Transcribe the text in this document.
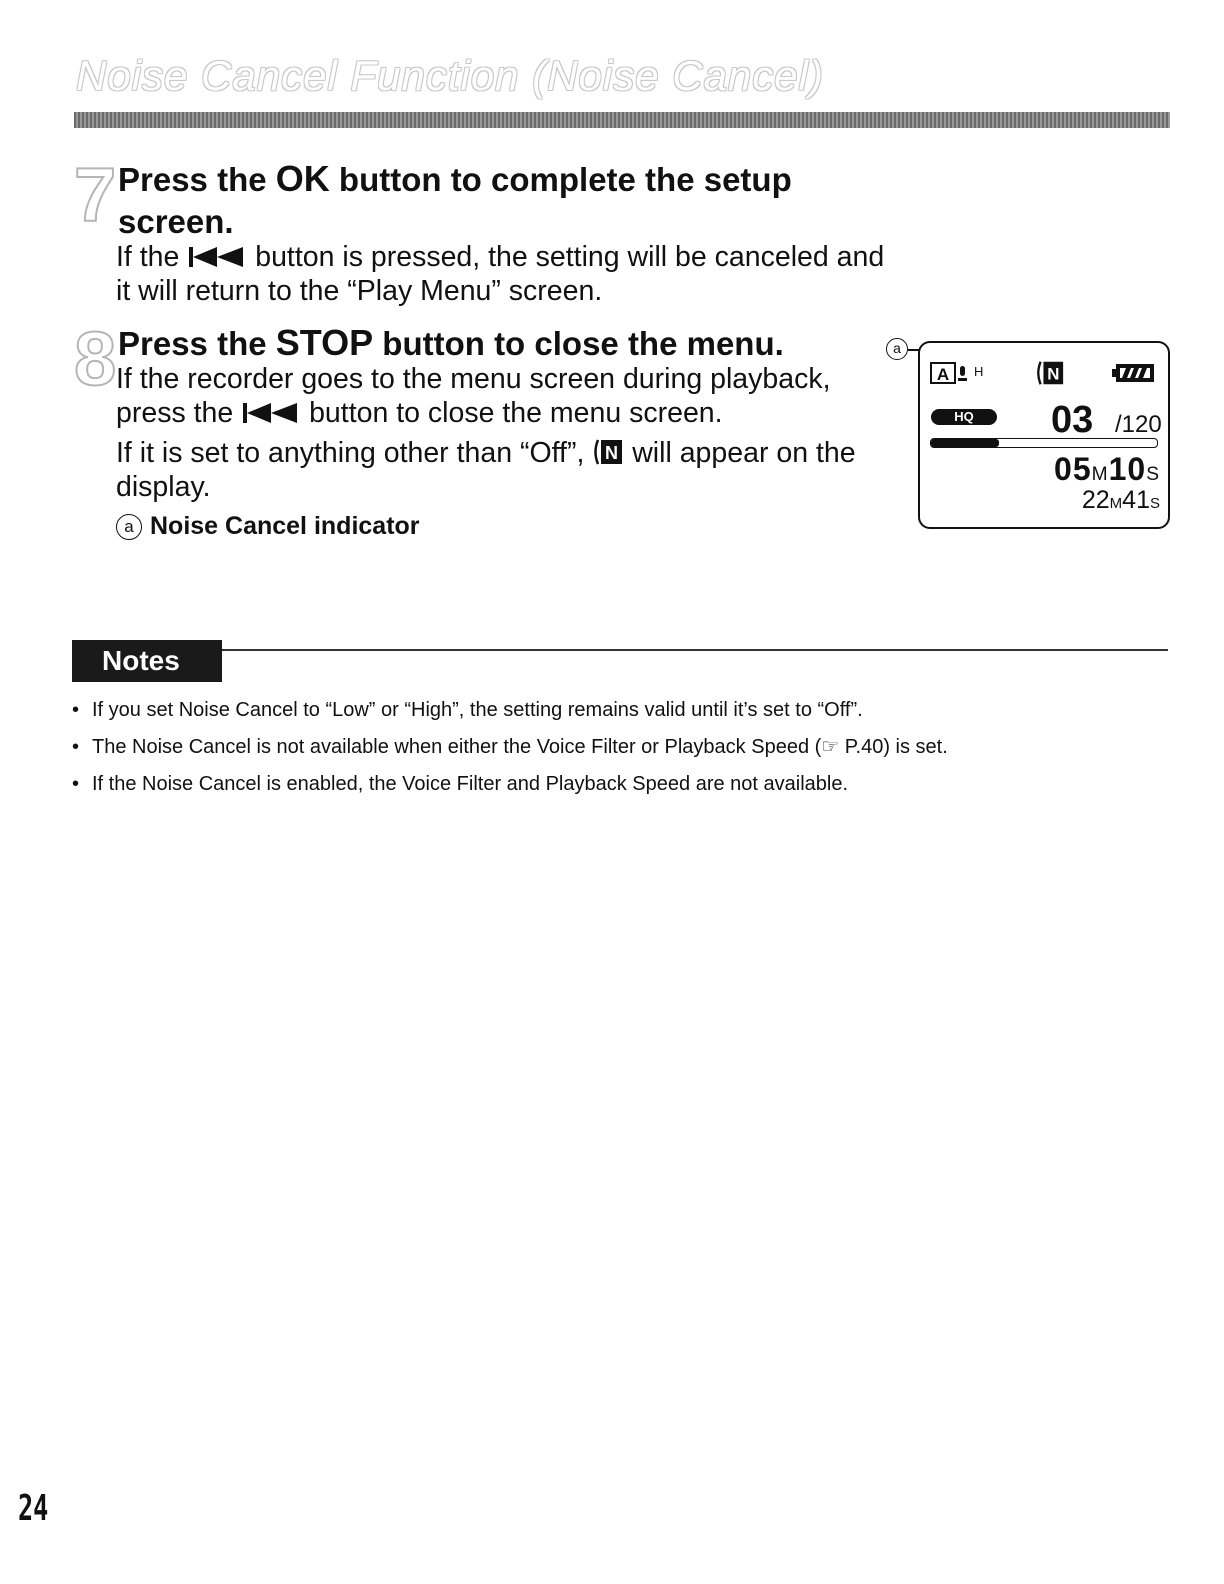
Noise Cancel Function (Noise Cancel)
7 Press the OK button to complete the setup screen.

If the  button is pressed, the setting will be canceled and it will return to the “Play Menu” screen.

8 Press the STOP button to close the menu.

If the recorder goes to the menu screen during playback, press the  button to close the menu screen.

If it is set to anything other than “Off”, N will appear on the display.

a Noise Cancel indicator
a
A H	N
HQ	03 /120
05M10S
22M41S
Notes
• If you set Noise Cancel to “Low” or “High”, the setting remains valid until it’s set to “Off”.
• The Noise Cancel is not available when either the Voice Filter or Playback Speed (☞ P.40) is set.
• If the Noise Cancel is enabled, the Voice Filter and Playback Speed are not available.
24
